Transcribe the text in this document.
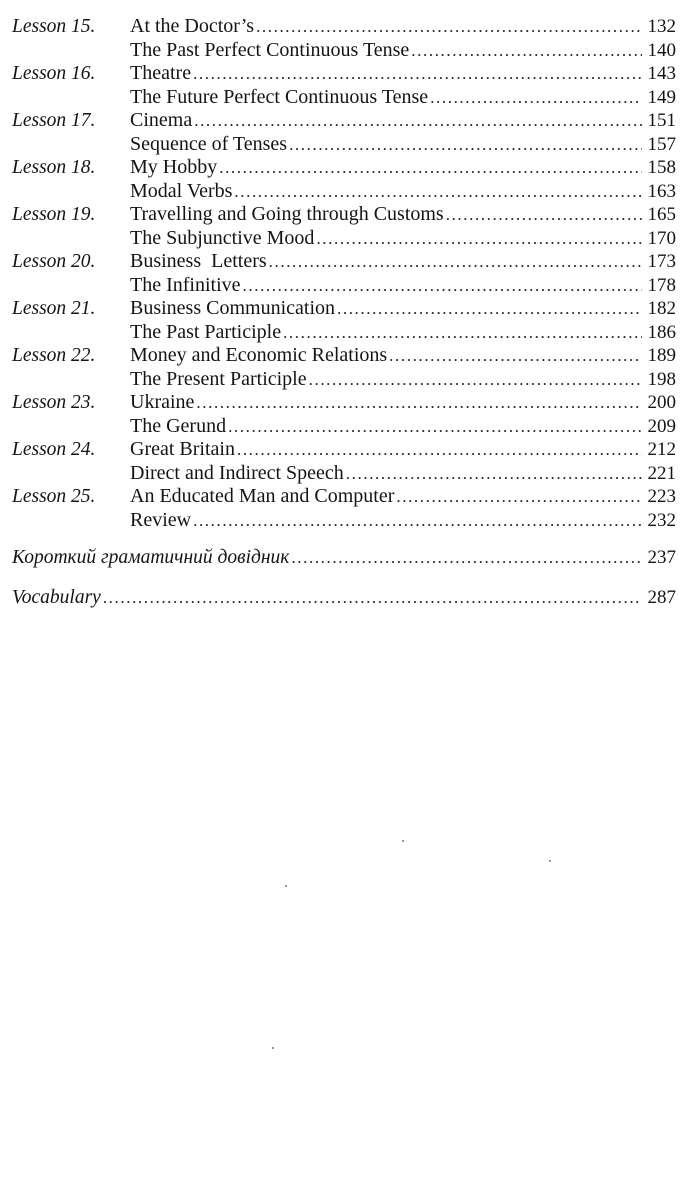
Lesson 15.	At the Doctor’s .....	132
The Past Perfect Continuous Tense .....	140
Lesson 16.	Theatre .....	143
The Future Perfect Continuous Tense .....	149
Lesson 17.	Cinema .....	151
Sequence of Tenses .....	157
Lesson 18.	My Hobby .....	158
Modal Verbs .....	163
Lesson 19.	Travelling and Going through Customs .....	165
The Subjunctive Mood .....	170
Lesson 20.	Business  Letters .....	173
The Infinitive .....	178
Lesson 21.	Business Communication .....	182
The Past Participle .....	186
Lesson 22.	Money and Economic Relations .....	189
The Present Participle .....	198
Lesson 23.	Ukraine .....	200
The Gerund .....	209
Lesson 24.	Great Britain .....	212
Direct and Indirect Speech .....	221
Lesson 25.	An Educated Man and Computer .....	223
Review .....	232
Короткий граматичний довідник .....	237
Vocabulary .....	287
